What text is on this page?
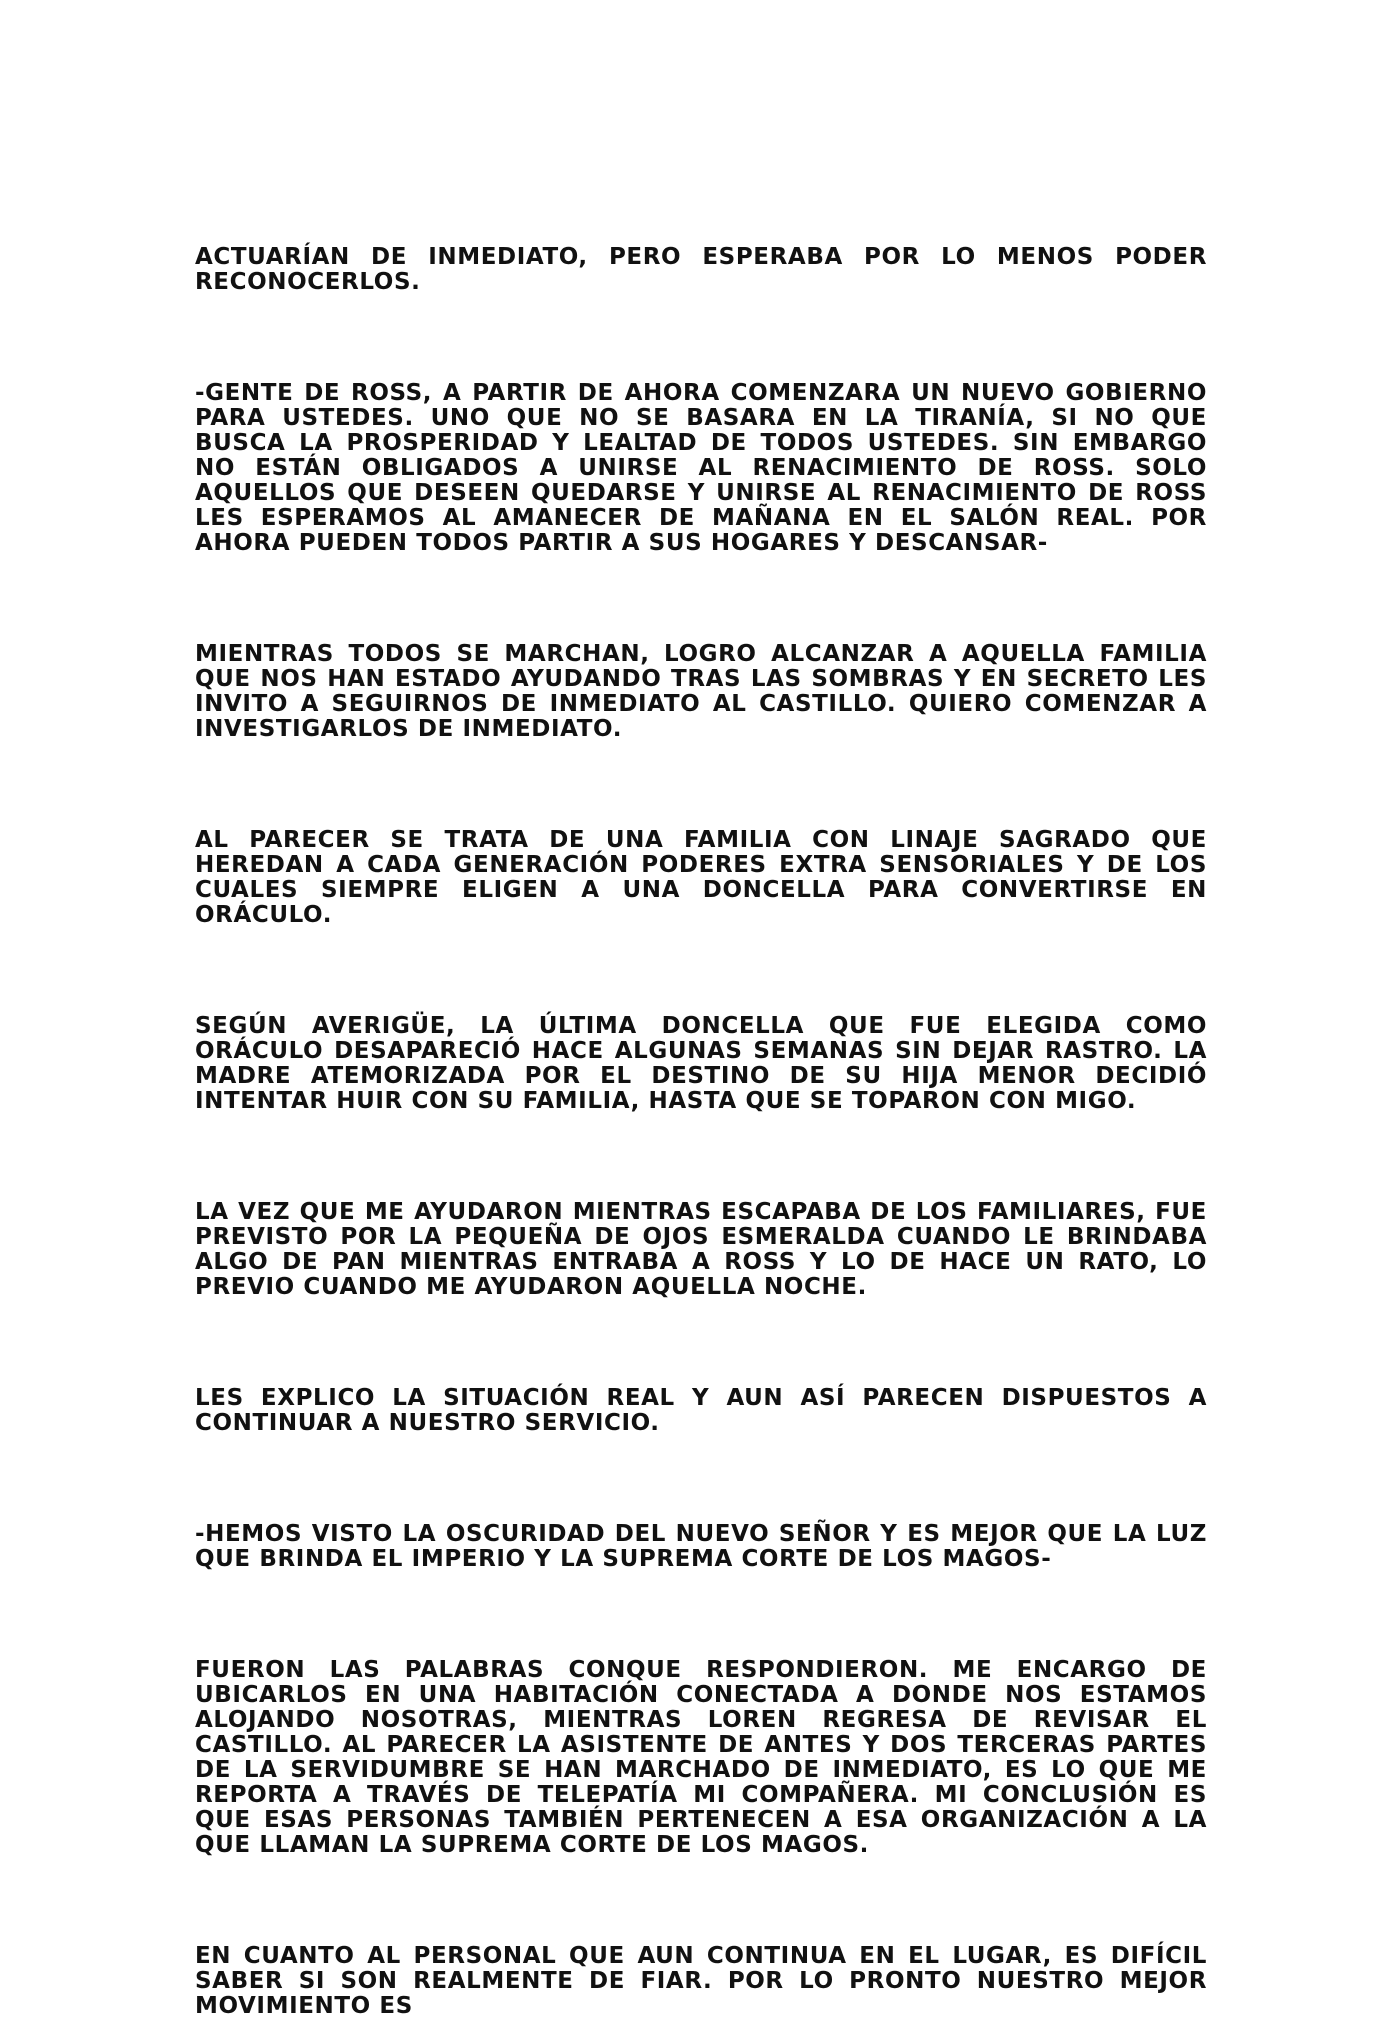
ACTUARÍAN DE INMEDIATO, PERO ESPERABA POR LO MENOS PODER RECONOCERLOS.

-GENTE DE ROSS, A PARTIR DE AHORA COMENZARA UN NUEVO GOBIERNO PARA USTEDES. UNO QUE NO SE BASARA EN LA TIRANÍA, SI NO QUE BUSCA LA PROSPERIDAD Y LEALTAD DE TODOS USTEDES. SIN EMBARGO NO ESTÁN OBLIGADOS A UNIRSE AL RENACIMIENTO DE ROSS. SOLO AQUELLOS QUE DESEEN QUEDARSE Y UNIRSE AL RENACIMIENTO DE ROSS LES ESPERAMOS AL AMANECER DE MAÑANA EN EL SALÓN REAL. POR AHORA PUEDEN TODOS PARTIR A SUS HOGARES Y DESCANSAR-

MIENTRAS TODOS SE MARCHAN, LOGRO ALCANZAR A AQUELLA FAMILIA QUE NOS HAN ESTADO AYUDANDO TRAS LAS SOMBRAS Y EN SECRETO LES INVITO A SEGUIRNOS DE INMEDIATO AL CASTILLO. QUIERO COMENZAR A INVESTIGARLOS DE INMEDIATO.

AL PARECER SE TRATA DE UNA FAMILIA CON LINAJE SAGRADO QUE HEREDAN A CADA GENERACIÓN PODERES EXTRA SENSORIALES Y DE LOS CUALES SIEMPRE ELIGEN A UNA DONCELLA PARA CONVERTIRSE EN ORÁCULO.

SEGÚN AVERIGÜE, LA ÚLTIMA DONCELLA QUE FUE ELEGIDA COMO ORÁCULO DESAPARECIÓ HACE ALGUNAS SEMANAS SIN DEJAR RASTRO. LA MADRE ATEMORIZADA POR EL DESTINO DE SU HIJA MENOR DECIDIÓ INTENTAR HUIR CON SU FAMILIA, HASTA QUE SE TOPARON CON MIGO.

LA VEZ QUE ME AYUDARON MIENTRAS ESCAPABA DE LOS FAMILIARES, FUE PREVISTO POR LA PEQUEÑA DE OJOS ESMERALDA CUANDO LE BRINDABA ALGO DE PAN MIENTRAS ENTRABA A ROSS Y LO DE HACE UN RATO, LO PREVIO CUANDO ME AYUDARON AQUELLA NOCHE.

LES EXPLICO LA SITUACIÓN REAL Y AUN ASÍ PARECEN DISPUESTOS A CONTINUAR A NUESTRO SERVICIO.

-HEMOS VISTO LA OSCURIDAD DEL NUEVO SEÑOR Y ES MEJOR QUE LA LUZ QUE BRINDA EL IMPERIO Y LA SUPREMA CORTE DE LOS MAGOS-

FUERON LAS PALABRAS CONQUE RESPONDIERON. ME ENCARGO DE UBICARLOS EN UNA HABITACIÓN CONECTADA A DONDE NOS ESTAMOS ALOJANDO NOSOTRAS, MIENTRAS LOREN REGRESA DE REVISAR EL CASTILLO. AL PARECER LA ASISTENTE DE ANTES Y DOS TERCERAS PARTES DE LA SERVIDUMBRE SE HAN MARCHADO DE INMEDIATO, ES LO QUE ME REPORTA A TRAVÉS DE TELEPATÍA MI COMPAÑERA. MI CONCLUSIÓN ES QUE ESAS PERSONAS TAMBIÉN PERTENECEN A ESA ORGANIZACIÓN A LA QUE LLAMAN LA SUPREMA CORTE DE LOS MAGOS.

EN CUANTO AL PERSONAL QUE AUN CONTINUA EN EL LUGAR, ES DIFÍCIL SABER SI SON REALMENTE DE FIAR. POR LO PRONTO NUESTRO MEJOR MOVIMIENTO ES
